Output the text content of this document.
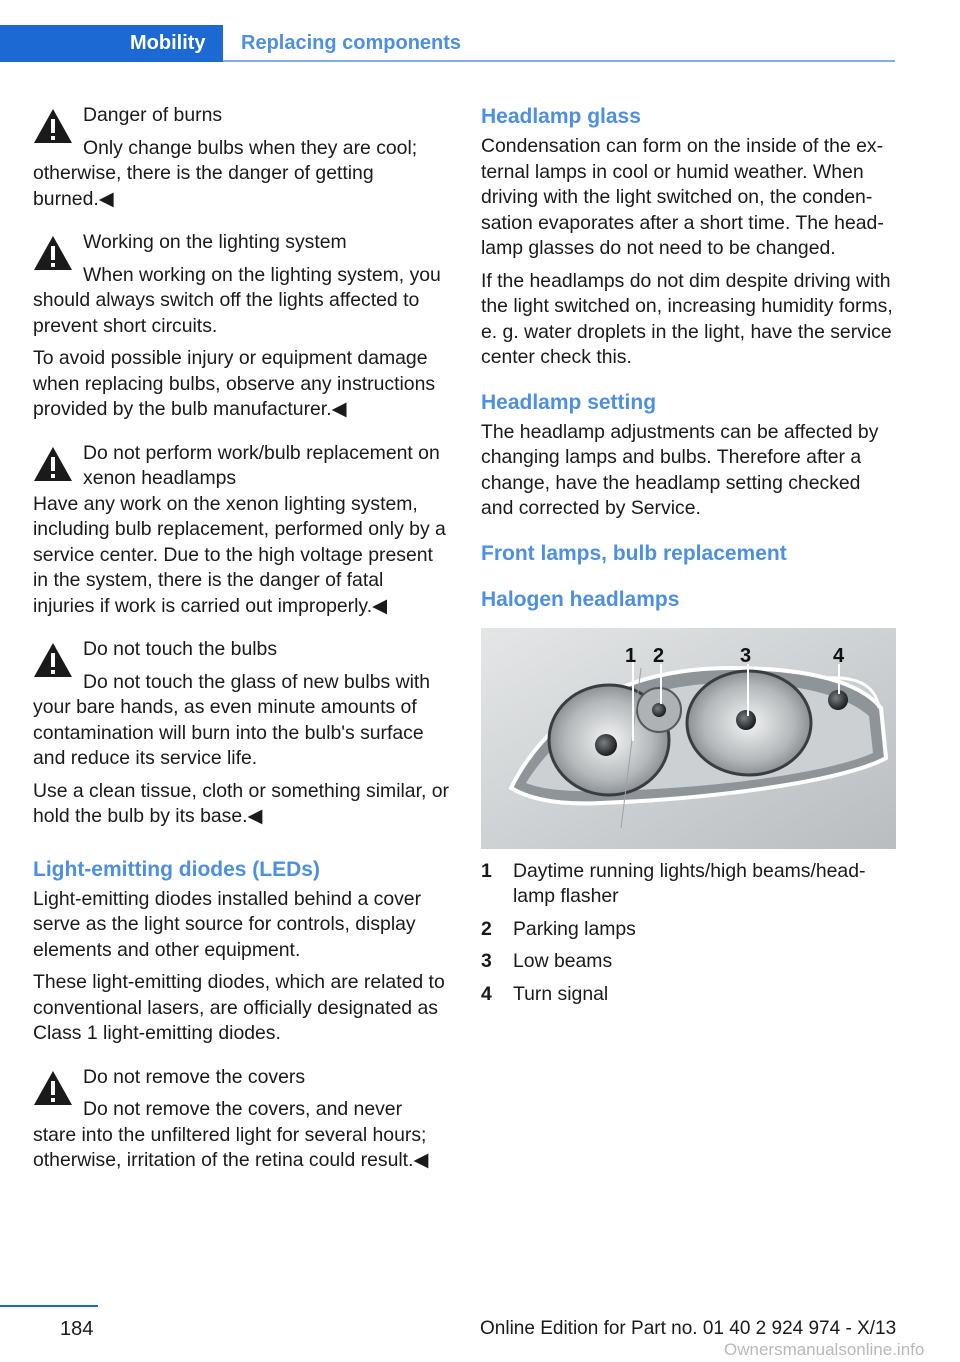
Mobility	Replacing components

Danger of burns

Only change bulbs when they are cool; otherwise, there is the danger of getting burned.◀

Working on the lighting system

When working on the lighting system, you should always switch off the lights affected to prevent short circuits.

To avoid possible injury or equipment damage when replacing bulbs, observe any instructions provided by the bulb manufacturer.◀

Do not perform work/bulb replacement on xenon headlamps

Have any work on the xenon lighting system, including bulb replacement, performed only by a service center. Due to the high voltage present in the system, there is the danger of fatal injuries if work is carried out improperly.◀

Do not touch the bulbs

Do not touch the glass of new bulbs with your bare hands, as even minute amounts of contamination will burn into the bulb's surface and reduce its service life.

Use a clean tissue, cloth or something similar, or hold the bulb by its base.◀

Light-emitting diodes (LEDs)

Light-emitting diodes installed behind a cover serve as the light source for controls, display elements and other equipment.

These light-emitting diodes, which are related to conventional lasers, are officially designated as Class 1 light-emitting diodes.

Do not remove the covers

Do not remove the covers, and never stare into the unfiltered light for several hours; otherwise, irritation of the retina could result.◀

Headlamp glass

Condensation can form on the inside of the external lamps in cool or humid weather. When driving with the light switched on, the condensation evaporates after a short time. The headlamp glasses do not need to be changed.

If the headlamps do not dim despite driving with the light switched on, increasing humidity forms, e. g. water droplets in the light, have the service center check this.

Headlamp setting

The headlamp adjustments can be affected by changing lamps and bulbs. Therefore after a change, have the headlamp setting checked and corrected by Service.

Front lamps, bulb replacement
Halogen headlamps
1 2	3	4
1	Daytime running lights/high beams/headlamp flasher
2	Parking lamps
3	Low beams
4	Turn signal
184	Online Edition for Part no. 01 40 2 924 974 - X/13
Ownersmanualsonline.info
